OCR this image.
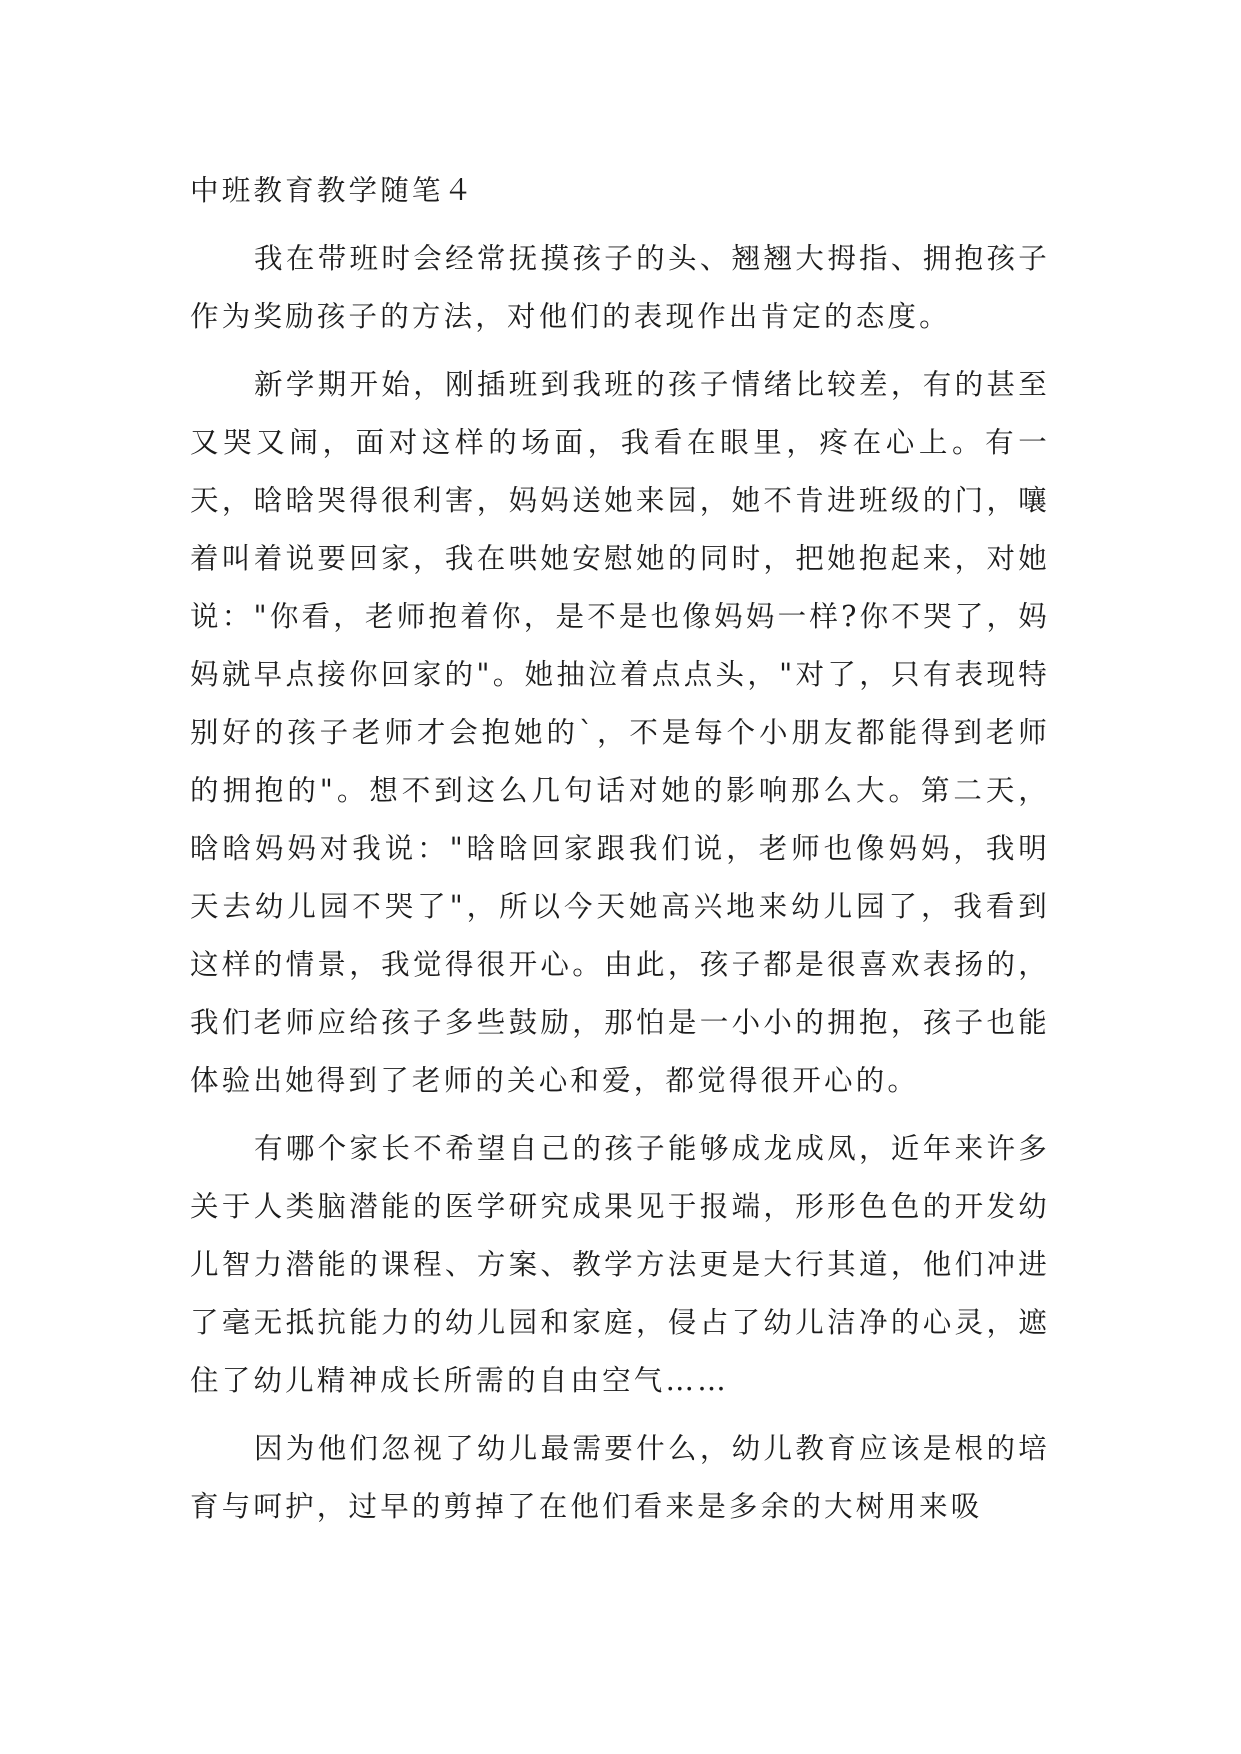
中班教育教学随笔４

我在带班时会经常抚摸孩子的头、翘翘大拇指、拥抱孩子作为奖励孩子的方法，对他们的表现作出肯定的态度。

新学期开始，刚插班到我班的孩子情绪比较差，有的甚至又哭又闹，面对这样的场面，我看在眼里，疼在心上。有一天，晗晗哭得很利害，妈妈送她来园，她不肯进班级的门，嚷着叫着说要回家，我在哄她安慰她的同时，把她抱起来，对她说："你看，老师抱着你，是不是也像妈妈一样?你不哭了，妈妈就早点接你回家的"。她抽泣着点点头，"对了，只有表现特别好的孩子老师才会抱她的`，不是每个小朋友都能得到老师的拥抱的"。想不到这么几句话对她的影响那么大。第二天，晗晗妈妈对我说："晗晗回家跟我们说，老师也像妈妈，我明天去幼儿园不哭了"，所以今天她高兴地来幼儿园了，我看到这样的情景，我觉得很开心。由此，孩子都是很喜欢表扬的，我们老师应给孩子多些鼓励，那怕是一小小的拥抱，孩子也能体验出她得到了老师的关心和爱，都觉得很开心的。

有哪个家长不希望自己的孩子能够成龙成凤，近年来许多关于人类脑潜能的医学研究成果见于报端，形形色色的开发幼儿智力潜能的课程、方案、教学方法更是大行其道，他们冲进了毫无抵抗能力的幼儿园和家庭，侵占了幼儿洁净的心灵，遮住了幼儿精神成长所需的自由空气……

因为他们忽视了幼儿最需要什么，幼儿教育应该是根的培育与呵护，过早的剪掉了在他们看来是多余的大树用来吸
